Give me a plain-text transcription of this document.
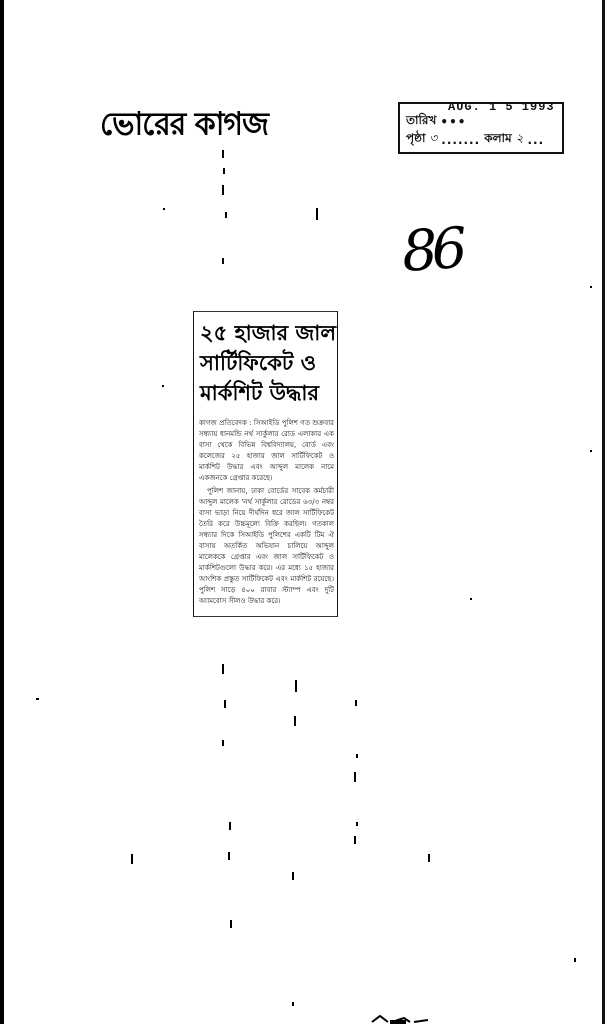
ভোরের কাগজ	AUG. 1 5 1993
তারিখ •••
পৃষ্ঠা ৩ ....... কলাম ২ ...
86
২৫ হাজার জাল
সার্টিফিকেট ও
মার্কশিট উদ্ধার

কাগজ প্রতিবেদক : সিআইডি পুলিশ গত শুক্রবার সন্ধ্যায় ধানমন্ডি নর্থ সার্কুলার রোড এলাকার এক বাসা থেকে বিভিন্ন বিশ্ববিদ্যালয়, বোর্ড এবং কলেজের ২৫ হাজার জাল সার্টিফিকেট ও মার্কশিট উদ্ধার এবং আব্দুল মালেক নামে একজনকে গ্রেপ্তার করেছে।

পুলিশ জানায়, ঢাকা বোর্ডের সাবেক কর্মচারী আব্দুল মালেক 'নর্থ সার্কুলার রোডের ৬৩/৩ নম্বর বাসা ভাড়া নিয়ে দীর্ঘদিন ধরে জাল সার্টিফিকেট তৈরি করে উচ্চমূল্যে বিক্রি করছিল। গতকাল সন্ধ্যার দিকে সিআইডি পুলিশের একটি টিম ঐ বাসায় অতর্কিত অভিযান চালিয়ে আব্দুল মালেককে গ্রেপ্তার এবং জাল সার্টিফিকেট ও মার্কশিটগুলো উদ্ধার করে। এর মধ্যে ১৫ হাজার আংশিক প্রস্তুত সার্টিফিকেট এবং মার্কশিট রয়েছে। পুলিশ সাড়ে ৪০০ রাবার স্ট্যাম্প এবং দুটি অ্যামবোস সীলও উদ্ধার করে।
